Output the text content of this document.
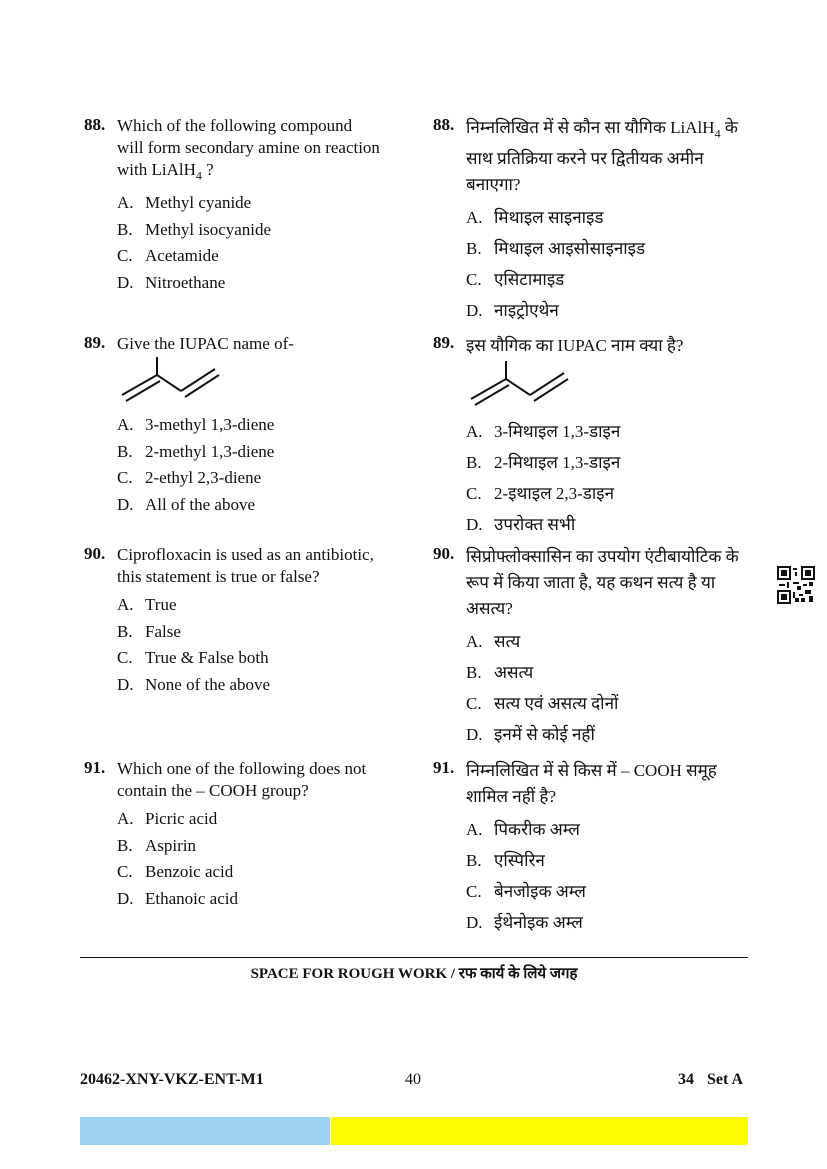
88. Which of the following compound
will form secondary amine on reaction
with LiAlH$_4$ ?
A. Methyl cyanide
B. Methyl isocyanide
C. Acetamide
D. Nitroethane
89. Give the IUPAC name of-
A. 3-methyl 1,3-diene
B. 2-methyl 1,3-diene
C. 2-ethyl 2,3-diene
D. All of the above
90. Ciprofloxacin is used as an antibiotic,
this statement is true or false?
A. True
B. False
C. True & False both
D. None of the above
91. Which one of the following does not
contain the – COOH group?
A. Picric acid
B. Aspirin
C. Benzoic acid
D. Ethanoic acid
88. निम्नलिखित में से कौन सा यौगिक LiAlH$_4$ के
साथ प्रतिक्रिया करने पर द्वितीयक अमीन
बनाएगा?
A. मिथाइल साइनाइड
B. मिथाइल आइसोसाइनाइड
C. एसिटामाइड
D. नाइट्रोएथेन
89. इस यौगिक का IUPAC नाम क्या है?
A. 3-मिथाइल 1,3-डाइन
B. 2-मिथाइल 1,3-डाइन
C. 2-इथाइल 2,3-डाइन
D. उपरोक्त सभी
90. सिप्रोफ्लोक्सासिन का उपयोग एंटीबायोटिक के
रूप में किया जाता है, यह कथन सत्य है या
असत्य?
A. सत्य
B. असत्य
C. सत्य एवं असत्य दोनों
D. इनमें से कोई नहीं
91. निम्नलिखित में से किस में – COOH समूह
शामिल नहीं है?
A. पिकरीक अम्ल
B. एस्पिरिन
C. बेनजोइक अम्ल
D. ईथेनोइक अम्ल
SPACE FOR ROUGH WORK / रफ कार्य के लिये जगह
20462-XNY-VKZ-ENT-M1	40	34 Set A
